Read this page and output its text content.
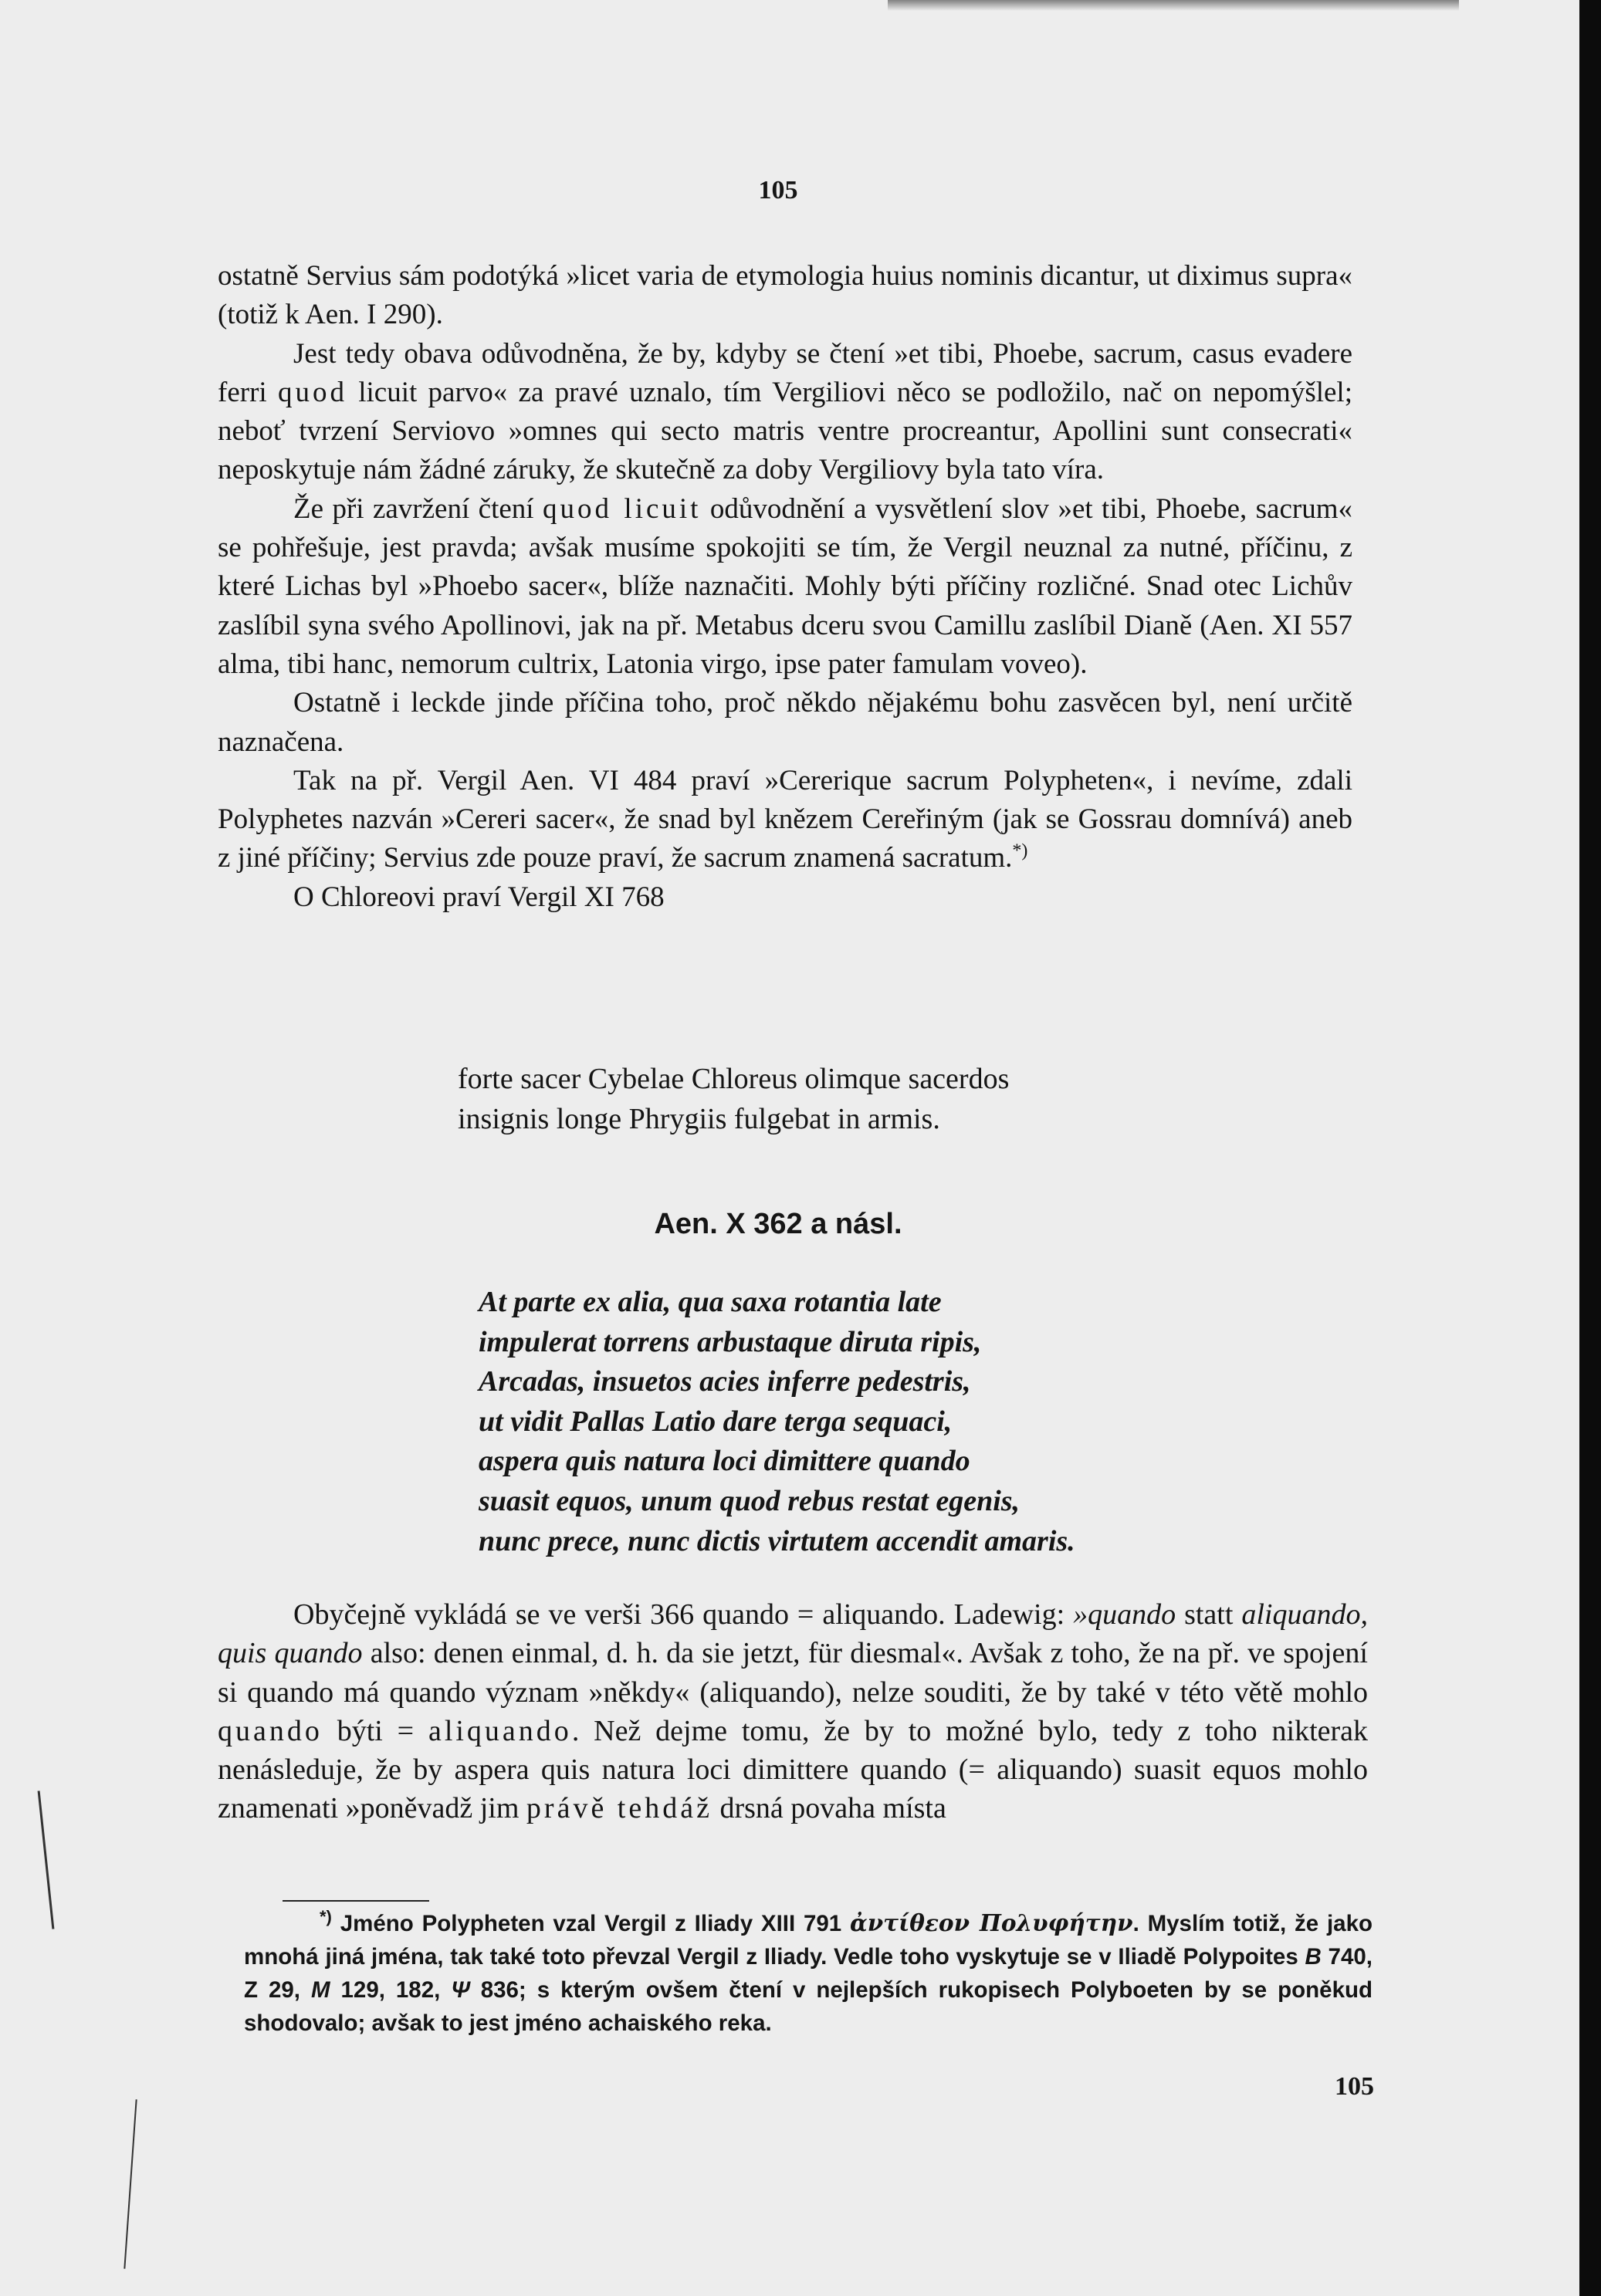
105

ostatně Servius sám podotýká »licet varia de etymologia huius nominis dicantur, ut diximus supra« (totiž k Aen. I 290).

Jest tedy obava odůvodněna, že by, kdyby se čtení »et tibi, Phoebe, sacrum, casus evadere ferri quod licuit parvo« za pravé uznalo, tím Vergiliovi něco se podložilo, nač on nepomýšlel; neboť tvrzení Serviovo »omnes qui secto matris ventre procreantur, Apollini sunt consecrati« neposkytuje nám žádné záruky, že skutečně za doby Vergiliovy byla tato víra.

Že při zavržení čtení quod licuit odůvodnění a vysvětlení slov »et tibi, Phoebe, sacrum« se pohřešuje, jest pravda; avšak musíme spokojiti se tím, že Vergil neuznal za nutné, příčinu, z které Lichas byl »Phoebo sacer«, blíže naznačiti. Mohly býti příčiny rozličné. Snad otec Lichův zaslíbil syna svého Apollinovi, jak na př. Metabus dceru svou Camillu zaslíbil Dianě (Aen. XI 557 alma, tibi hanc, nemorum cultrix, Latonia virgo, ipse pater famulam voveo).

Ostatně i leckde jinde příčina toho, proč někdo nějakému bohu zasvěcen byl, není určitě naznačena.

Tak na př. Vergil Aen. VI 484 praví »Cererique sacrum Polypheten«, i nevíme, zdali Polyphetes nazván »Cereri sacer«, že snad byl knězem Cereřiným (jak se Gossrau domnívá) aneb z jiné příčiny; Servius zde pouze praví, že sacrum znamená sacratum.*)

O Chloreovi praví Vergil XI 768

forte sacer Cybelae Chloreus olimque sacerdos
insignis longe Phrygiis fulgebat in armis.
Aen. X 362 a násl.
At parte ex alia, qua saxa rotantia late
impulerat torrens arbustaque diruta ripis,
Arcadas, insuetos acies inferre pedestris,
ut vidit Pallas Latio dare terga sequaci,
aspera quis natura loci dimittere quando
suasit equos, unum quod rebus restat egenis,
nunc prece, nunc dictis virtutem accendit amaris.

Obyčejně vykládá se ve verši 366 quando = aliquando. Ladewig: »quando statt aliquando, quis quando also: denen einmal, d. h. da sie jetzt, für diesmal«. Avšak z toho, že na př. ve spojení si quando má quando význam »někdy« (aliquando), nelze souditi, že by také v této větě mohlo quando býti = aliquando. Než dejme tomu, že by to možné bylo, tedy z toho nikterak nenásleduje, že by aspera quis natura loci dimittere quando (= aliquando) suasit equos mohlo znamenati »poněvadž jim právě tehdáž drsná povaha místa

*) Jméno Polypheten vzal Vergil z Iliady XIII 791 ἀντίθεον Πολυφήτην. Myslím totiž, že jako mnohá jiná jména, tak také toto převzal Vergil z Iliady. Vedle toho vyskytuje se v Iliadě Polypoites B 740, Z 29, M 129, 182, Ψ 836; s kterým ovšem čtení v nejlepších rukopisech Polyboeten by se poněkud shodovalo; avšak to jest jméno achaiského reka.

105
